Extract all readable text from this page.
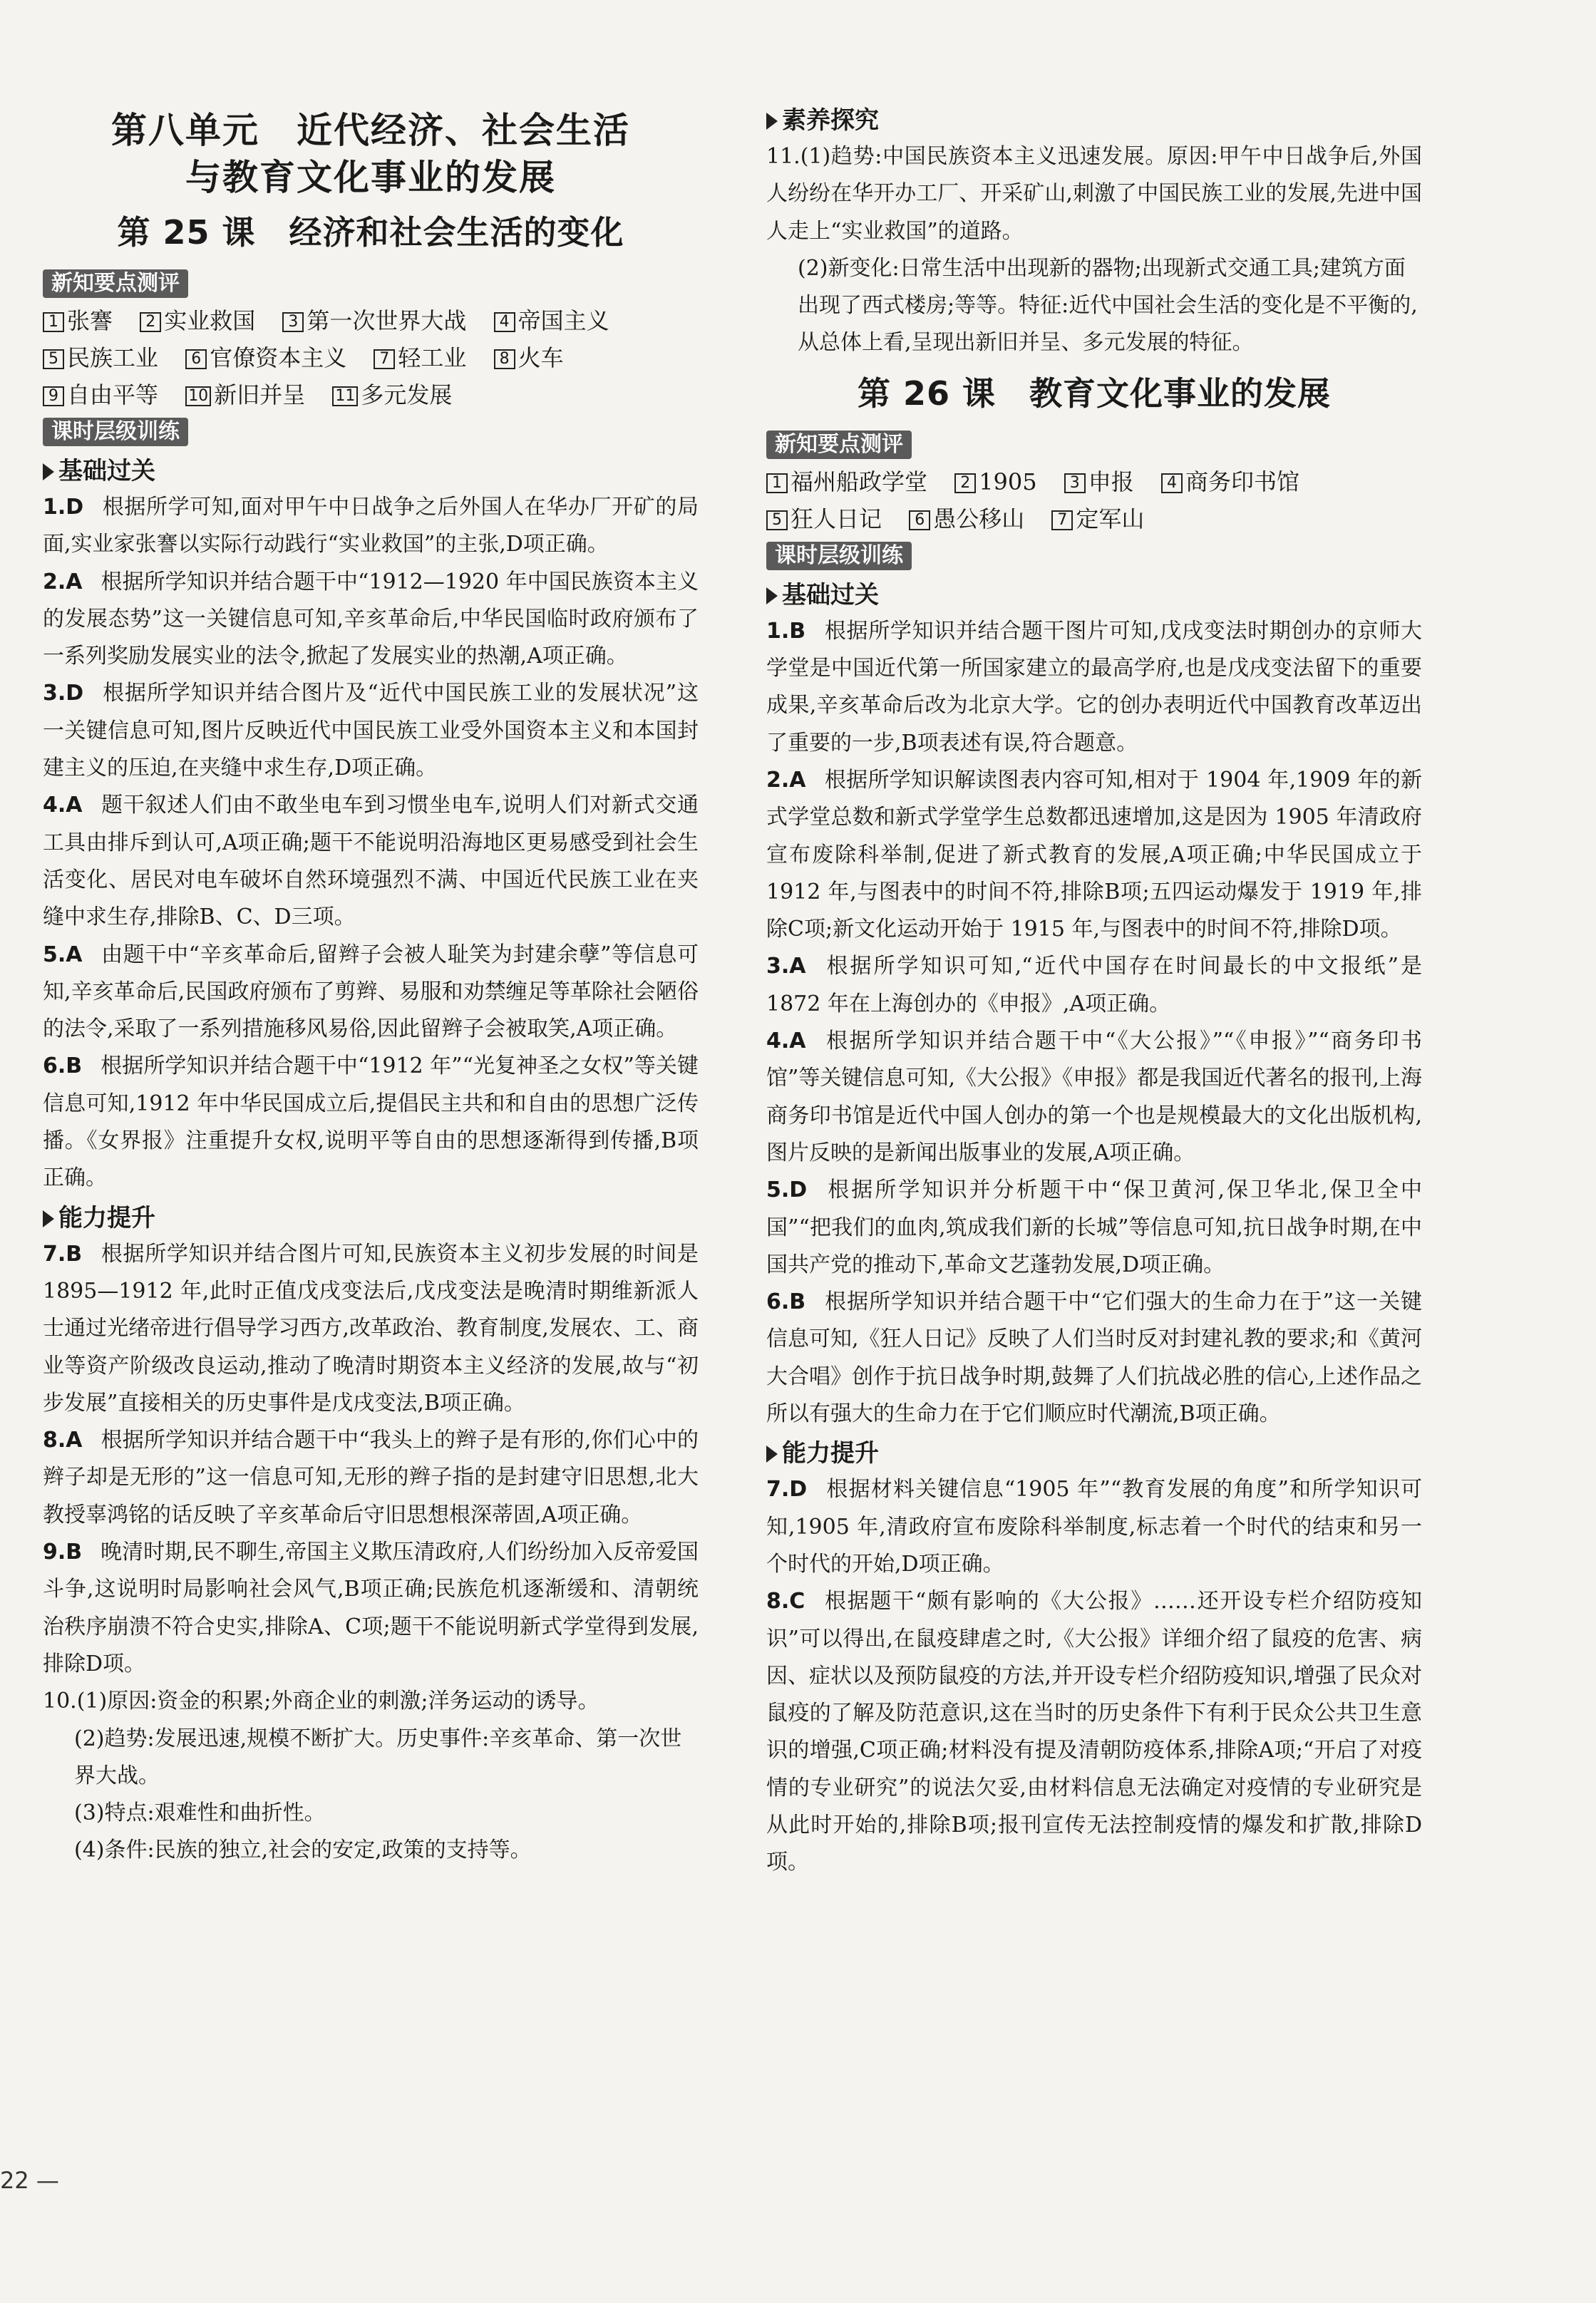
第八单元　近代经济、社会生活
与教育文化事业的发展
第 25 课　经济和社会生活的变化
新知要点测评
1 张謇 2 实业救国 3 第一次世界大战 4 帝国主义
5 民族工业 6 官僚资本主义 7 轻工业 8 火车
9 自由平等 10 新旧并呈 11 多元发展
课时层级训练
基础过关

1.D 根据所学可知,面对甲午中日战争之后外国人在华办厂开矿的局面,实业家张謇以实际行动践行“实业救国”的主张,D项正确。

2.A 根据所学知识并结合题干中“1912—1920 年中国民族资本主义的发展态势”这一关键信息可知,辛亥革命后,中华民国临时政府颁布了一系列奖励发展实业的法令,掀起了发展实业的热潮,A项正确。

3.D 根据所学知识并结合图片及“近代中国民族工业的发展状况”这一关键信息可知,图片反映近代中国民族工业受外国资本主义和本国封建主义的压迫,在夹缝中求生存,D项正确。

4.A 题干叙述人们由不敢坐电车到习惯坐电车,说明人们对新式交通工具由排斥到认可,A项正确;题干不能说明沿海地区更易感受到社会生活变化、居民对电车破坏自然环境强烈不满、中国近代民族工业在夹缝中求生存,排除B、C、D三项。

5.A 由题干中“辛亥革命后,留辫子会被人耻笑为封建余孽”等信息可知,辛亥革命后,民国政府颁布了剪辫、易服和劝禁缠足等革除社会陋俗的法令,采取了一系列措施移风易俗,因此留辫子会被取笑,A项正确。

6.B 根据所学知识并结合题干中“1912 年”“光复神圣之女权”等关键信息可知,1912 年中华民国成立后,提倡民主共和和自由的思想广泛传播。《女界报》注重提升女权,说明平等自由的思想逐渐得到传播,B项正确。

能力提升

7.B 根据所学知识并结合图片可知,民族资本主义初步发展的时间是 1895—1912 年,此时正值戊戌变法后,戊戌变法是晚清时期维新派人士通过光绪帝进行倡导学习西方,改革政治、教育制度,发展农、工、商业等资产阶级改良运动,推动了晚清时期资本主义经济的发展,故与“初步发展”直接相关的历史事件是戊戌变法,B项正确。

8.A 根据所学知识并结合题干中“我头上的辫子是有形的,你们心中的辫子却是无形的”这一信息可知,无形的辫子指的是封建守旧思想,北大教授辜鸿铭的话反映了辛亥革命后守旧思想根深蒂固,A项正确。

9.B 晚清时期,民不聊生,帝国主义欺压清政府,人们纷纷加入反帝爱国斗争,这说明时局影响社会风气,B项正确;民族危机逐渐缓和、清朝统治秩序崩溃不符合史实,排除A、C项;题干不能说明新式学堂得到发展,排除D项。

10.(1)原因:资金的积累;外商企业的刺激;洋务运动的诱导。

(2)趋势:发展迅速,规模不断扩大。历史事件:辛亥革命、第一次世界大战。

(3)特点:艰难性和曲折性。

(4)条件:民族的独立,社会的安定,政策的支持等。

素养探究

11.(1)趋势:中国民族资本主义迅速发展。原因:甲午中日战争后,外国人纷纷在华开办工厂、开采矿山,刺激了中国民族工业的发展,先进中国人走上“实业救国”的道路。

(2)新变化:日常生活中出现新的器物;出现新式交通工具;建筑方面出现了西式楼房;等等。特征:近代中国社会生活的变化是不平衡的,从总体上看,呈现出新旧并呈、多元发展的特征。

第 26 课　教育文化事业的发展
新知要点测评
1 福州船政学堂 2 1905 3 申报 4 商务印书馆
5 狂人日记 6 愚公移山 7 定军山
课时层级训练
基础过关

1.B 根据所学知识并结合题干图片可知,戊戌变法时期创办的京师大学堂是中国近代第一所国家建立的最高学府,也是戊戌变法留下的重要成果,辛亥革命后改为北京大学。它的创办表明近代中国教育改革迈出了重要的一步,B项表述有误,符合题意。

2.A 根据所学知识解读图表内容可知,相对于 1904 年,1909 年的新式学堂总数和新式学堂学生总数都迅速增加,这是因为 1905 年清政府宣布废除科举制,促进了新式教育的发展,A项正确;中华民国成立于 1912 年,与图表中的时间不符,排除B项;五四运动爆发于 1919 年,排除C项;新文化运动开始于 1915 年,与图表中的时间不符,排除D项。

3.A 根据所学知识可知,“近代中国存在时间最长的中文报纸”是 1872 年在上海创办的《申报》,A项正确。

4.A 根据所学知识并结合题干中“《大公报》”“《申报》”“商务印书馆”等关键信息可知,《大公报》《申报》都是我国近代著名的报刊,上海商务印书馆是近代中国人创办的第一个也是规模最大的文化出版机构,图片反映的是新闻出版事业的发展,A项正确。

5.D 根据所学知识并分析题干中“保卫黄河,保卫华北,保卫全中国”“把我们的血肉,筑成我们新的长城”等信息可知,抗日战争时期,在中国共产党的推动下,革命文艺蓬勃发展,D项正确。

6.B 根据所学知识并结合题干中“它们强大的生命力在于”这一关键信息可知,《狂人日记》反映了人们当时反对封建礼教的要求;和《黄河大合唱》创作于抗日战争时期,鼓舞了人们抗战必胜的信心,上述作品之所以有强大的生命力在于它们顺应时代潮流,B项正确。

能力提升

7.D 根据材料关键信息“1905 年”“教育发展的角度”和所学知识可知,1905 年,清政府宣布废除科举制度,标志着一个时代的结束和另一个时代的开始,D项正确。

8.C 根据题干“颇有影响的《大公报》……还开设专栏介绍防疫知识”可以得出,在鼠疫肆虐之时,《大公报》详细介绍了鼠疫的危害、病因、症状以及预防鼠疫的方法,并开设专栏介绍防疫知识,增强了民众对鼠疫的了解及防范意识,这在当时的历史条件下有利于民众公共卫生意识的增强,C项正确;材料没有提及清朝防疫体系,排除A项;“开启了对疫情的专业研究”的说法欠妥,由材料信息无法确定对疫情的专业研究是从此时开始的,排除B项;报刊宣传无法控制疫情的爆发和扩散,排除D项。

22 —
